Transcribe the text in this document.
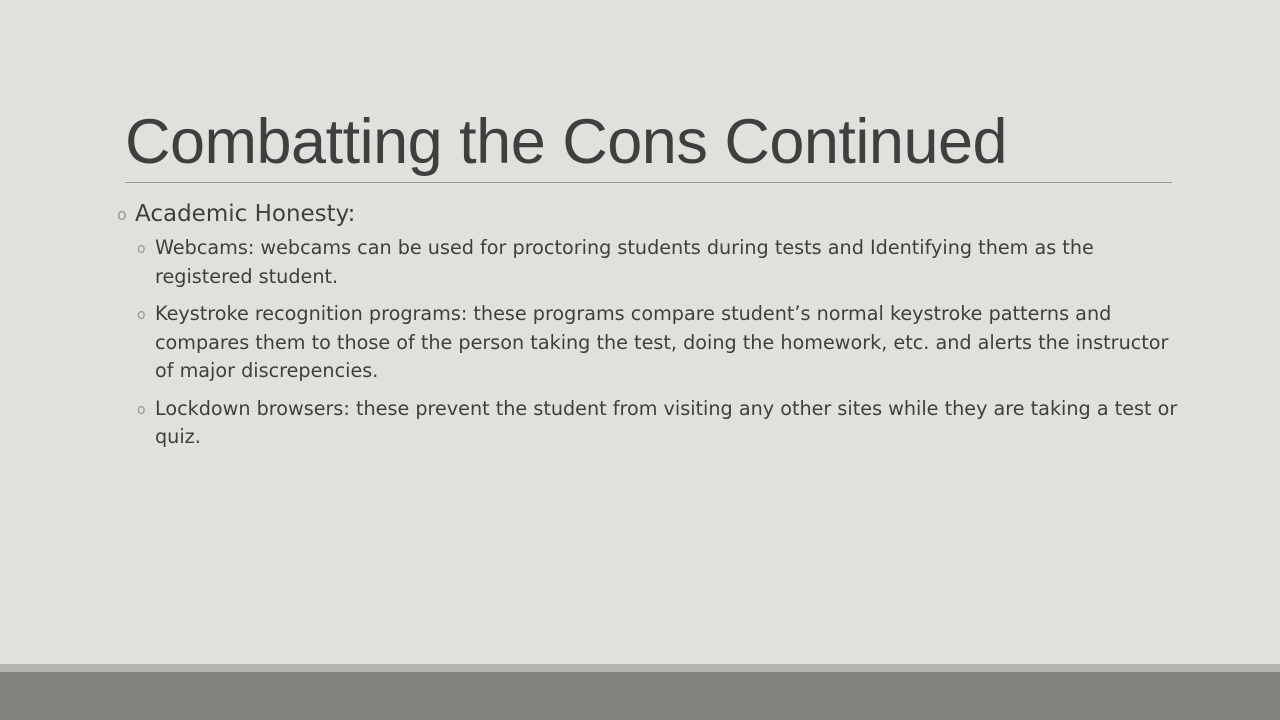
Combatting the Cons Continued
o Academic Honesty:
o Webcams: webcams can be used for proctoring students during tests and Identifying them as the registered student.
o Keystroke recognition programs: these programs compare student’s normal keystroke patterns and compares them to those of the person taking the test, doing the homework, etc. and alerts the instructor of major discrepencies.
o Lockdown browsers: these prevent the student from visiting any other sites while they are taking a test or quiz.
